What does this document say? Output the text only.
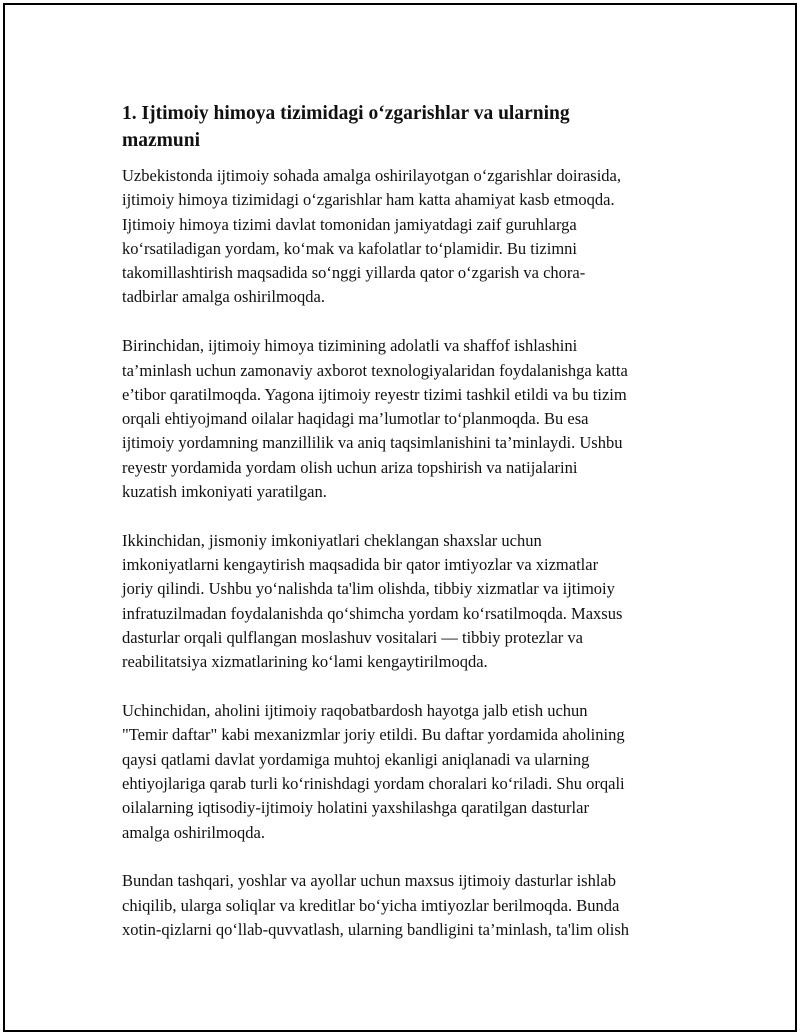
1. Ijtimoiy himoya tizimidagi o‘zgarishlar va ularning
mazmuni

Uzbekistonda ijtimoiy sohada amalga oshirilayotgan o‘zgarishlar doirasida,
ijtimoiy himoya tizimidagi o‘zgarishlar ham katta ahamiyat kasb etmoqda.
Ijtimoiy himoya tizimi davlat tomonidan jamiyatdagi zaif guruhlarga
ko‘rsatiladigan yordam, ko‘mak va kafolatlar to‘plamidir. Bu tizimni
takomillashtirish maqsadida so‘nggi yillarda qator o‘zgarish va chora-
tadbirlar amalga oshirilmoqda.

Birinchidan, ijtimoiy himoya tizimining adolatli va shaffof ishlashini
ta’minlash uchun zamonaviy axborot texnologiyalaridan foydalanishga katta
e’tibor qaratilmoqda. Yagona ijtimoiy reyestr tizimi tashkil etildi va bu tizim
orqali ehtiyojmand oilalar haqidagi ma’lumotlar to‘planmoqda. Bu esa
ijtimoiy yordamning manzillilik va aniq taqsimlanishini ta’minlaydi. Ushbu
reyestr yordamida yordam olish uchun ariza topshirish va natijalarini
kuzatish imkoniyati yaratilgan.

Ikkinchidan, jismoniy imkoniyatlari cheklangan shaxslar uchun
imkoniyatlarni kengaytirish maqsadida bir qator imtiyozlar va xizmatlar
joriy qilindi. Ushbu yo‘nalishda ta'lim olishda, tibbiy xizmatlar va ijtimoiy
infratuzilmadan foydalanishda qo‘shimcha yordam ko‘rsatilmoqda. Maxsus
dasturlar orqali qulflangan moslashuv vositalari — tibbiy protezlar va
reabilitatsiya xizmatlarining ko‘lami kengaytirilmoqda.

Uchinchidan, aholini ijtimoiy raqobatbardosh hayotga jalb etish uchun
"Temir daftar" kabi mexanizmlar joriy etildi. Bu daftar yordamida aholining
qaysi qatlami davlat yordamiga muhtoj ekanligi aniqlanadi va ularning
ehtiyojlariga qarab turli ko‘rinishdagi yordam choralari ko‘riladi. Shu orqali
oilalarning iqtisodiy-ijtimoiy holatini yaxshilashga qaratilgan dasturlar
amalga oshirilmoqda.

Bundan tashqari, yoshlar va ayollar uchun maxsus ijtimoiy dasturlar ishlab
chiqilib, ularga soliqlar va kreditlar bo‘yicha imtiyozlar berilmoqda. Bunda
xotin-qizlarni qo‘llab-quvvatlash, ularning bandligini ta’minlash, ta'lim olish
